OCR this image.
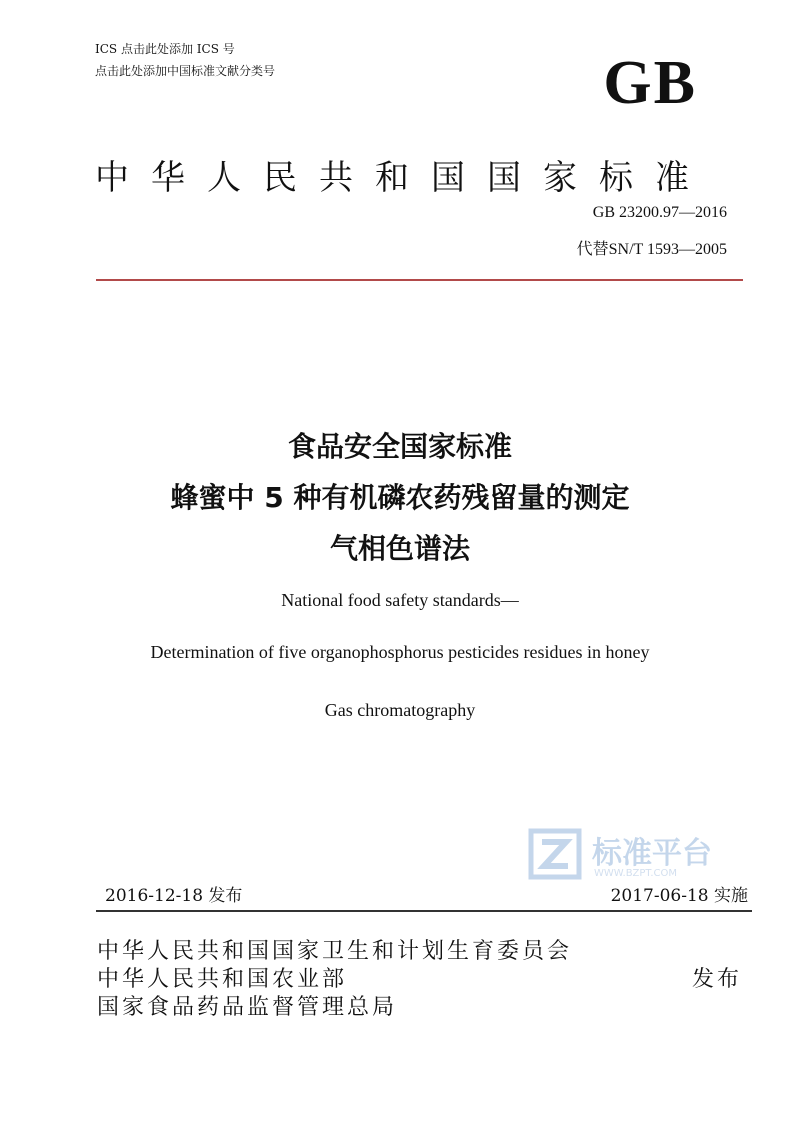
ICS 点击此处添加 ICS 号
点击此处添加中国标准文献分类号	GB
中华人民共和国国家标准
GB 23200.97—2016
代替SN/T 1593—2005
食品安全国家标准
蜂蜜中 5 种有机磷农药残留量的测定
气相色谱法
National food safety standards—
Determination of five organophosphorus pesticides residues in honey
Gas chromatography
标准平台
WWW.BZPT.COM
2016-12-18 发布	2017-06-18 实施
中华人民共和国国家卫生和计划生育委员会
中华人民共和国农业部
国家食品药品监督管理总局
发布
